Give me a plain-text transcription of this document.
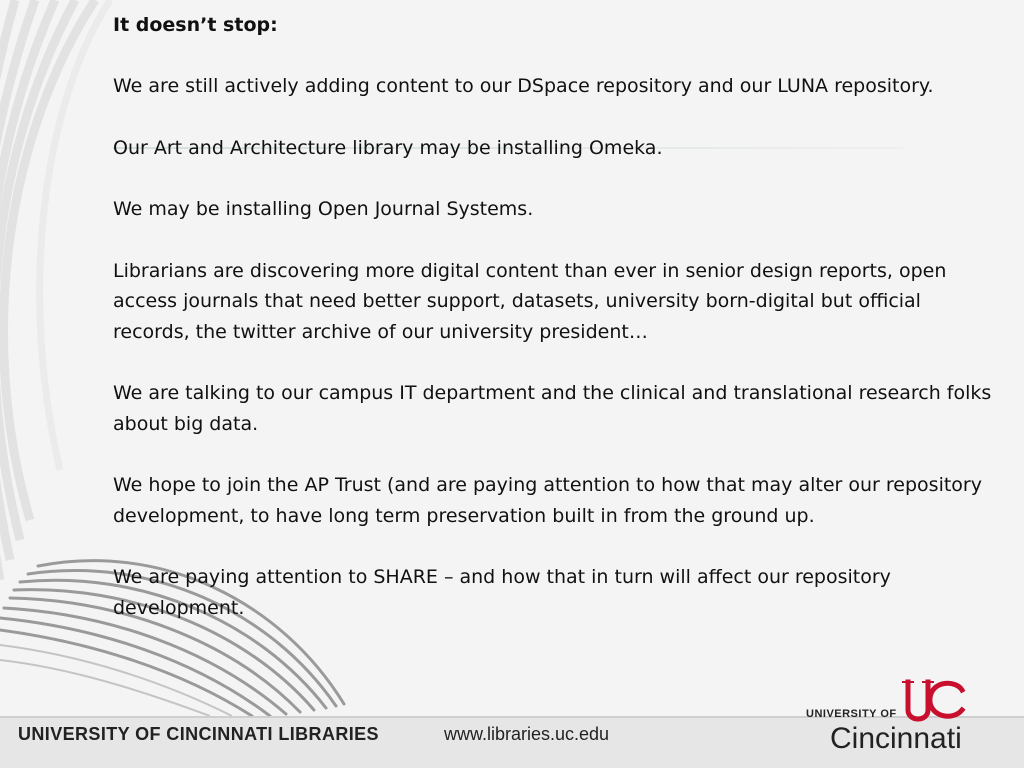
It doesn’t stop:

We are still actively adding content to our DSpace repository and our LUNA repository.

Our Art and Architecture library may be installing Omeka.

We may be installing Open Journal Systems.

Librarians are discovering more digital content than ever in senior design reports, open access journals that need better support, datasets, university born-digital but official records, the twitter archive of our university president…

We are talking to our campus IT department and the clinical and translational research folks about big data.

We hope to join the AP Trust (and are paying attention to how that may alter our repository development, to have long term preservation built in from the ground up.

We are paying attention to SHARE – and how that in turn will affect our repository development.

UNIVERSITY OF CINCINNATI LIBRARIES	www.libraries.uc.edu
UNIVERSITY OF
Cincinnati
